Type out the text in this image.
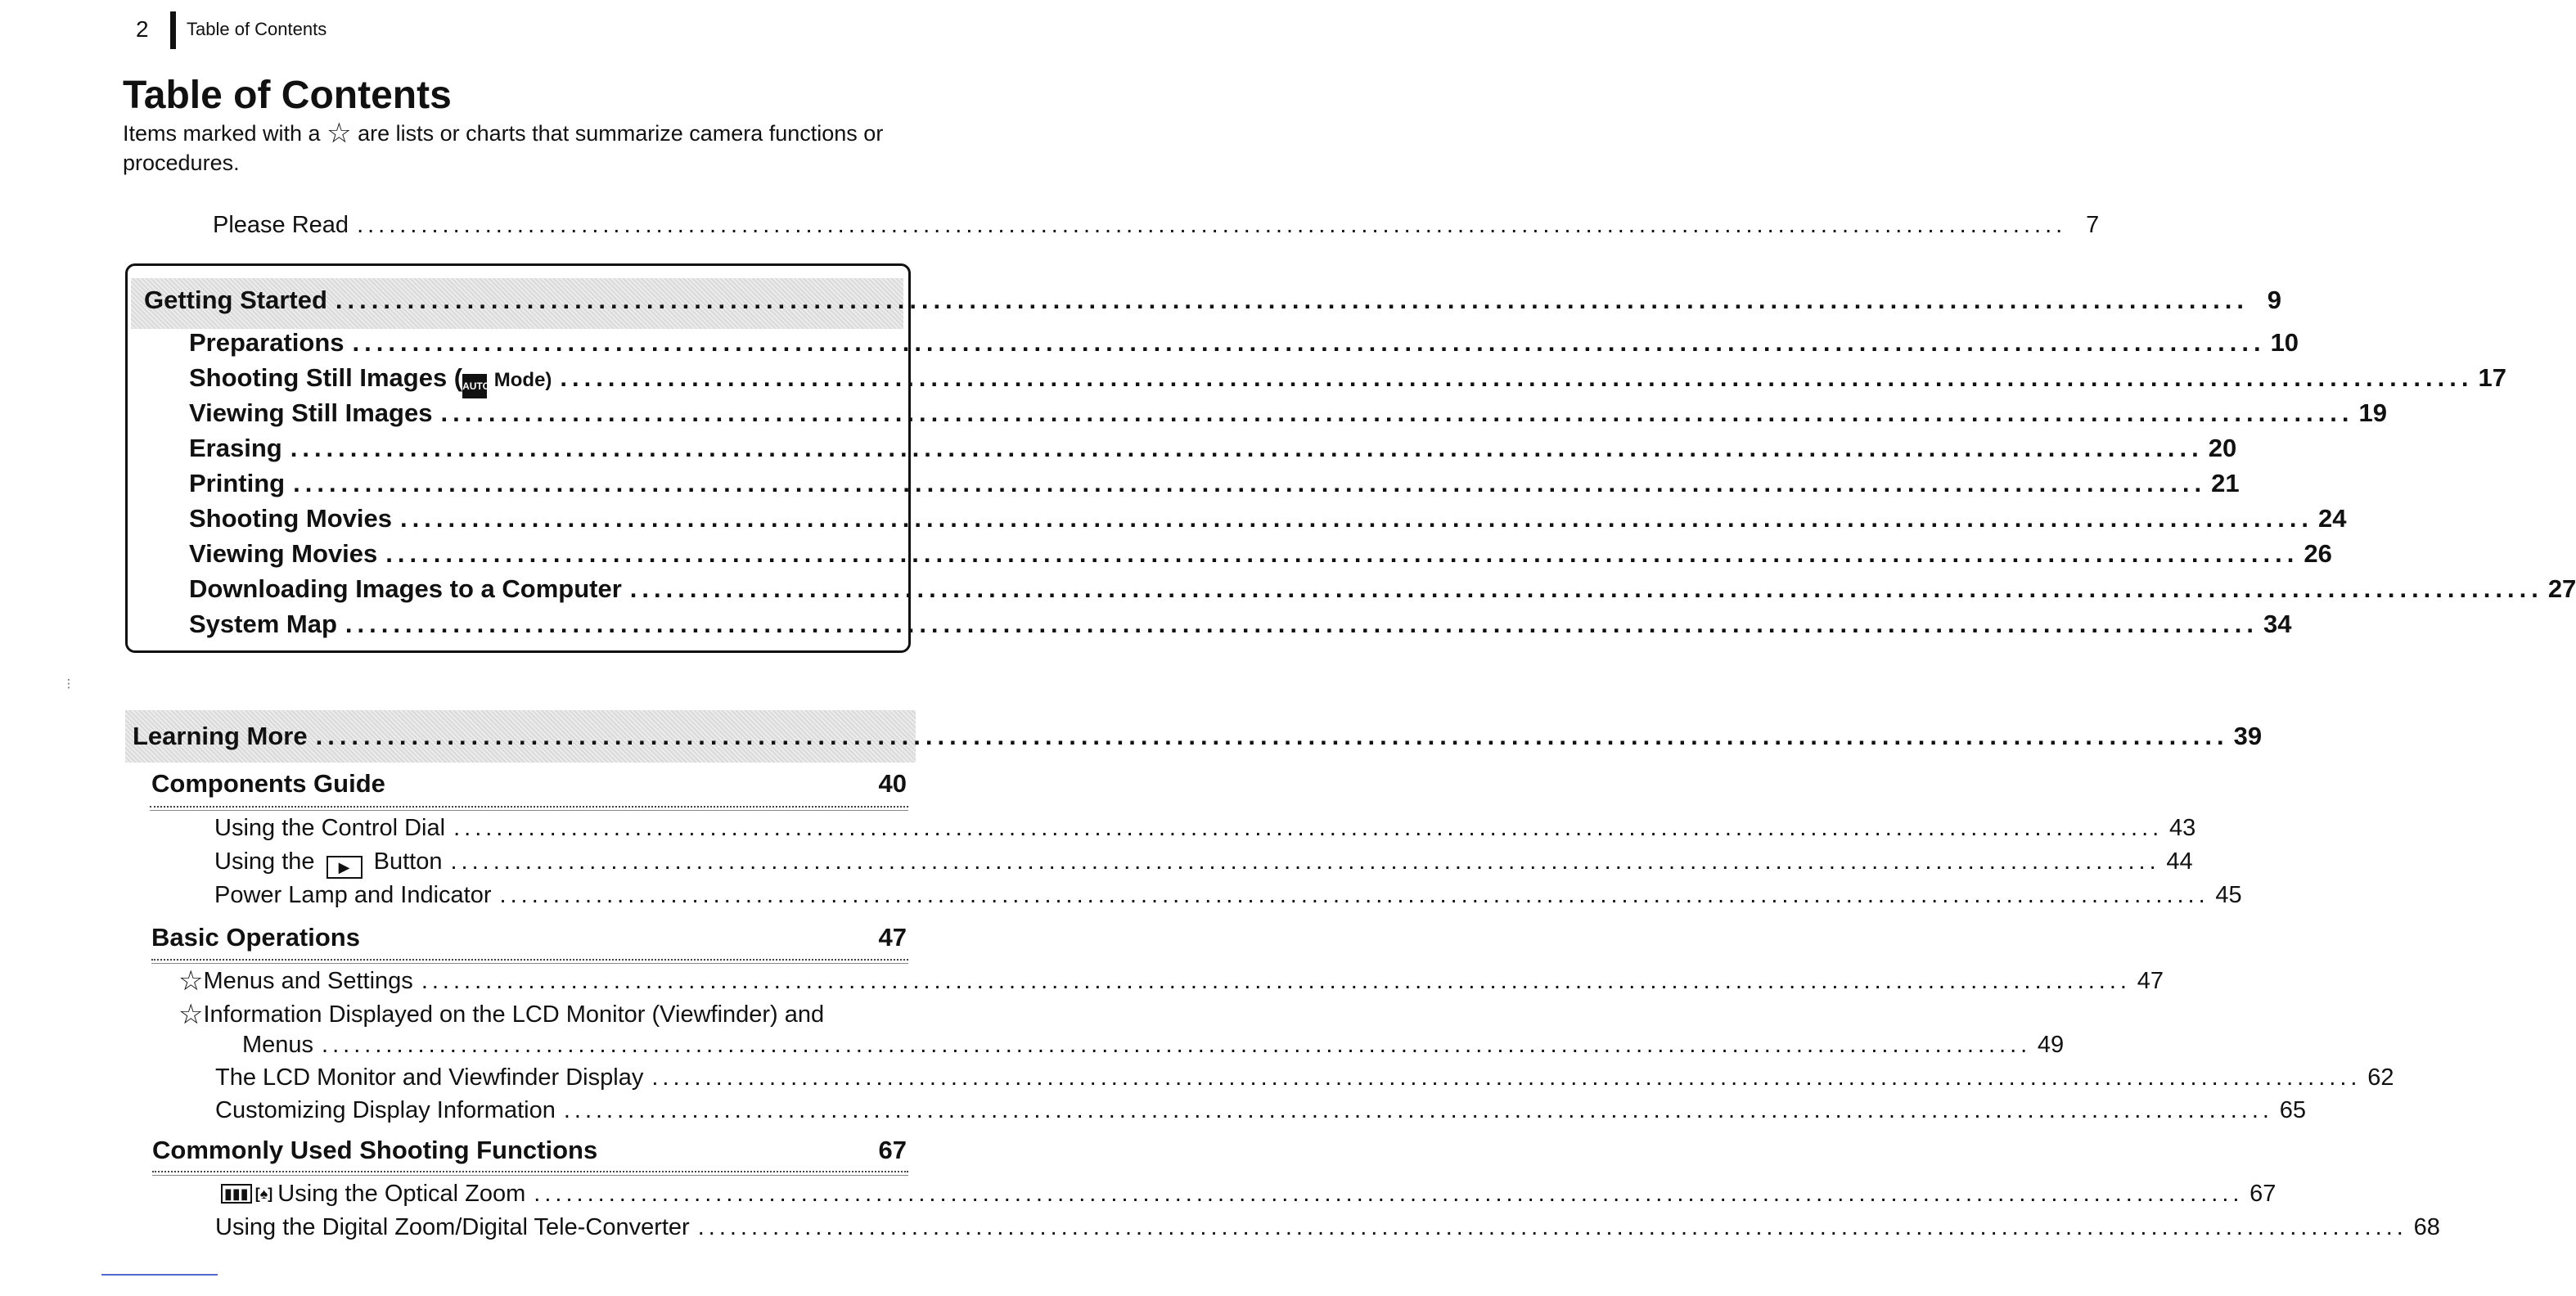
2 Table of Contents
Table of Contents
Items marked with a ☆ are lists or charts that summarize camera functions or procedures.
Please Read ................................................................................................................................................................ 7
Getting Started ................................................................................................................................................................ 9
Preparations ................................................................................................................................................................ 10
Shooting Still Images (AUTO Mode) ................................................................................................................................................................ 17
Viewing Still Images ................................................................................................................................................................ 19
Erasing ................................................................................................................................................................ 20
Printing ................................................................................................................................................................ 21
Shooting Movies ................................................................................................................................................................ 24
Viewing Movies ................................................................................................................................................................ 26
Downloading Images to a Computer ................................................................................................................................................................ 27
System Map ................................................................................................................................................................ 34
⋮
Learning More ................................................................................................................................................................ 39
Components Guide	40
Using the Control Dial ................................................................................................................................................................ 43
Using the ▶ Button ................................................................................................................................................................ 44
Power Lamp and Indicator ................................................................................................................................................................ 45
Basic Operations	47
☆Menus and Settings ................................................................................................................................................................ 47
☆Information Displayed on the LCD Monitor (Viewfinder) and
Menus ................................................................................................................................................................ 49
The LCD Monitor and Viewfinder Display ................................................................................................................................................................ 62
Customizing Display Information ................................................................................................................................................................ 65
Commonly Used Shooting Functions	67
▮▮▮ [♠] Using the Optical Zoom ................................................................................................................................................................ 67
Using the Digital Zoom/Digital Tele-Converter ................................................................................................................................................................ 68
